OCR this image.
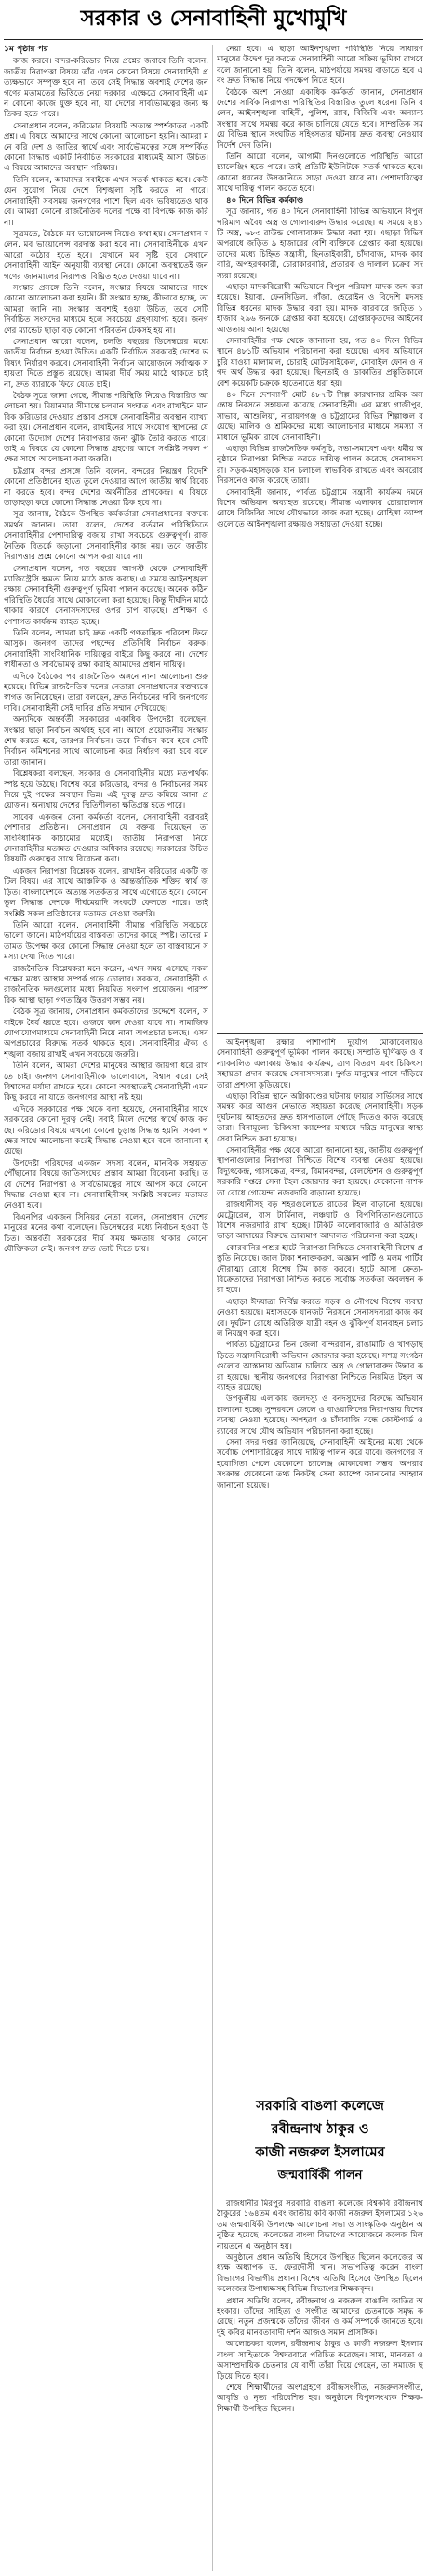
সরকার ও সেনাবাহিনী মুখোমুখি
১ম পৃষ্ঠার পর

কাজ করবে। বন্দর-করিডোর নিয়ে প্রশ্নের জবাবে তিনি বলেন, জাতীয় নিরাপত্তা বিষয়ে তাঁর এখন কোনো বিষয়ে সেনাবাহিনী প্রত্যক্ষভাবে সম্পৃক্ত হবে না। তবে সেই সিদ্ধান্ত অবশ্যই দেশের জনগণের মতামতের ভিত্তিতে নেয়া দরকার। এক্ষেত্রে সেনাবাহিনী এমন কোনো কাজে যুক্ত হবে না, যা দেশের সার্বভৌমত্বের জন্য ক্ষতিকর হতে পারে।

সেনাপ্রধান বলেন, করিডোর বিষয়টি অত্যন্ত স্পর্শকাতর একটি প্রশ্ন। এ বিষয়ে আমাদের সাথে কোনো আলোচনা হয়নি। আমরা মনে করি দেশ ও জাতির স্বার্থে এবং সার্বভৌমত্বের সঙ্গে সম্পর্কিত কোনো সিদ্ধান্ত একটি নির্বাচিত সরকারের মাধ্যমেই আসা উচিত। এ বিষয়ে আমাদের অবস্থান পরিষ্কার।

তিনি বলেন, আমাদের সবাইকে এখন সতর্ক থাকতে হবে। কেউ যেন সুযোগ নিয়ে দেশে বিশৃঙ্খলা সৃষ্টি করতে না পারে। সেনাবাহিনী সবসময় জনগণের পাশে ছিল এবং ভবিষ্যতেও থাকবে। আমরা কোনো রাজনৈতিক দলের পক্ষে বা বিপক্ষে কাজ করি না।

সূত্রমতে, বৈঠকে মব ভায়োলেন্স নিয়েও কথা হয়। সেনাপ্রধান বলেন, মব ভায়োলেন্স বরদাস্ত করা হবে না। সেনাবাহিনীকে এখন আরো কঠোর হতে হবে। যেখানে মব সৃষ্টি হবে সেখানে সেনাবাহিনী আইন অনুযায়ী ব্যবস্থা নেবে। কোনো অবস্থাতেই জনগণের জানমালের নিরাপত্তা বিঘ্নিত হতে দেওয়া যাবে না।

সংস্কার প্রসঙ্গে তিনি বলেন, সংস্কার বিষয়ে আমাদের সাথে কোনো আলোচনা করা হয়নি। কী সংস্কার হচ্ছে, কীভাবে হচ্ছে, তা আমরা জানি না। সংস্কার অবশ্যই হওয়া উচিত, তবে সেটি নির্বাচিত সংসদের মাধ্যমে হলে সবচেয়ে গ্রহণযোগ্য হবে। জনগণের ম্যান্ডেট ছাড়া বড় কোনো পরিবর্তন টেকসই হয় না।

সেনাপ্রধান আরো বলেন, চলতি বছরের ডিসেম্বরের মধ্যে জাতীয় নির্বাচন হওয়া উচিত। একটি নির্বাচিত সরকারই দেশের ভবিষ্যৎ নির্ধারণ করবে। সেনাবাহিনী নির্বাচন আয়োজনে সর্বাত্মক সহায়তা দিতে প্রস্তুত রয়েছে। আমরা দীর্ঘ সময় মাঠে থাকতে চাই না, দ্রুত ব্যারাকে ফিরে যেতে চাই।

বৈঠক সূত্রে জানা গেছে, সীমান্ত পরিস্থিতি নিয়েও বিস্তারিত আলোচনা হয়। মিয়ানমার সীমান্তে চলমান সংঘাত এবং রাখাইনে মানবিক করিডোর দেওয়ার প্রস্তাব প্রসঙ্গে সেনাবাহিনীর অবস্থান ব্যাখ্যা করা হয়। সেনাপ্রধান বলেন, রাখাইনের সাথে সংযোগ স্থাপনের যে কোনো উদ্যোগ দেশের নিরাপত্তার জন্য ঝুঁকি তৈরি করতে পারে। তাই এ বিষয়ে যে কোনো সিদ্ধান্ত গ্রহণের আগে সংশ্লিষ্ট সকল পক্ষের সাথে আলোচনা করা জরুরি।

চট্টগ্রাম বন্দর প্রসঙ্গে তিনি বলেন, বন্দরের নিয়ন্ত্রণ বিদেশি কোনো প্রতিষ্ঠানের হাতে তুলে দেওয়ার আগে জাতীয় স্বার্থ বিবেচনা করতে হবে। বন্দর দেশের অর্থনীতির প্রাণকেন্দ্র। এ বিষয়ে তাড়াহুড়া করে কোনো সিদ্ধান্ত নেওয়া ঠিক হবে না।

সূত্র জানায়, বৈঠকে উপস্থিত কর্মকর্তারা সেনাপ্রধানের বক্তব্যে সমর্থন জানান। তারা বলেন, দেশের বর্তমান পরিস্থিতিতে সেনাবাহিনীর পেশাদারিত্ব বজায় রাখা সবচেয়ে গুরুত্বপূর্ণ। রাজনৈতিক বিতর্কে জড়ানো সেনাবাহিনীর কাজ নয়। তবে জাতীয় নিরাপত্তার প্রশ্নে কোনো আপস করা যাবে না।

সেনাপ্রধান বলেন, গত বছরের আগস্ট থেকে সেনাবাহিনী ম্যাজিস্ট্রেসি ক্ষমতা নিয়ে মাঠে কাজ করছে। এ সময়ে আইনশৃঙ্খলা রক্ষায় সেনাবাহিনী গুরুত্বপূর্ণ ভূমিকা পালন করেছে। অনেক কঠিন পরিস্থিতি ধৈর্যের সাথে মোকাবেলা করা হয়েছে। কিন্তু দীর্ঘদিন মাঠে থাকার কারণে সেনাসদস্যদের ওপর চাপ বাড়ছে। প্রশিক্ষণ ও পেশাগত কার্যক্রম ব্যাহত হচ্ছে।

তিনি বলেন, আমরা চাই দ্রুত একটি গণতান্ত্রিক পরিবেশ ফিরে আসুক। জনগণ তাদের পছন্দের প্রতিনিধি নির্বাচন করুক। সেনাবাহিনী সাংবিধানিক দায়িত্বের বাইরে কিছু করবে না। দেশের স্বাধীনতা ও সার্বভৌমত্ব রক্ষা করাই আমাদের প্রধান দায়িত্ব।

এদিকে বৈঠকের পর রাজনৈতিক অঙ্গনে নানা আলোচনা শুরু হয়েছে। বিভিন্ন রাজনৈতিক দলের নেতারা সেনাপ্রধানের বক্তব্যকে স্বাগত জানিয়েছেন। তারা বলছেন, দ্রুত নির্বাচনের দাবি জনগণের দাবি। সেনাবাহিনী সেই দাবির প্রতি সম্মান দেখিয়েছে।

অন্যদিকে অন্তর্বর্তী সরকারের একাধিক উপদেষ্টা বলেছেন, সংস্কার ছাড়া নির্বাচন অর্থবহ হবে না। আগে প্রয়োজনীয় সংস্কার শেষ করতে হবে, তারপর নির্বাচন। তবে নির্বাচন কবে হবে সেটি নির্বাচন কমিশনের সাথে আলোচনা করে নির্ধারণ করা হবে বলে তারা জানান।

বিশ্লেষকরা বলছেন, সরকার ও সেনাবাহিনীর মধ্যে মতপার্থক্য স্পষ্ট হয়ে উঠছে। বিশেষ করে করিডোর, বন্দর ও নির্বাচনের সময় নিয়ে দুই পক্ষের অবস্থান ভিন্ন। এই দূরত্ব দ্রুত কমিয়ে আনা প্রয়োজন। অন্যথায় দেশের স্থিতিশীলতা ক্ষতিগ্রস্ত হতে পারে।

সাবেক একজন সেনা কর্মকর্তা বলেন, সেনাবাহিনী বরাবরই পেশাদার প্রতিষ্ঠান। সেনাপ্রধান যে বক্তব্য দিয়েছেন তা সাংবিধানিক কাঠামোর মধ্যেই। জাতীয় নিরাপত্তা নিয়ে সেনাবাহিনীর মতামত দেওয়ার অধিকার রয়েছে। সরকারের উচিত বিষয়টি গুরুত্বের সাথে বিবেচনা করা।

একজন নিরাপত্তা বিশ্লেষক বলেন, রাখাইন করিডোর একটি জটিল বিষয়। এর সাথে আঞ্চলিক ও আন্তর্জাতিক শক্তির স্বার্থ জড়িত। বাংলাদেশকে অত্যন্ত সতর্কতার সাথে এগোতে হবে। কোনো ভুল সিদ্ধান্ত দেশকে দীর্ঘমেয়াদি সংকটে ফেলতে পারে। তাই সংশ্লিষ্ট সকল প্রতিষ্ঠানের মতামত নেওয়া জরুরি।

তিনি আরো বলেন, সেনাবাহিনী সীমান্ত পরিস্থিতি সবচেয়ে ভালো জানে। মাঠপর্যায়ের বাস্তবতা তাদের কাছে স্পষ্ট। তাদের মতামত উপেক্ষা করে কোনো সিদ্ধান্ত নেওয়া হলে তা বাস্তবায়নে সমস্যা দেখা দিতে পারে।

রাজনৈতিক বিশ্লেষকরা মনে করেন, এখন সময় এসেছে সকল পক্ষের মধ্যে আস্থার সম্পর্ক গড়ে তোলার। সরকার, সেনাবাহিনী ও রাজনৈতিক দলগুলোর মধ্যে নিয়মিত সংলাপ প্রয়োজন। পারস্পরিক আস্থা ছাড়া গণতান্ত্রিক উত্তরণ সম্ভব নয়।

বৈঠক সূত্র জানায়, সেনাপ্রধান কর্মকর্তাদের উদ্দেশে বলেন, সবাইকে ধৈর্য ধরতে হবে। গুজবে কান দেওয়া যাবে না। সামাজিক যোগাযোগমাধ্যমে সেনাবাহিনী নিয়ে নানা অপপ্রচার চলছে। এসব অপপ্রচারের বিরুদ্ধে সতর্ক থাকতে হবে। সেনাবাহিনীর ঐক্য ও শৃঙ্খলা বজায় রাখাই এখন সবচেয়ে জরুরি।

তিনি বলেন, আমরা দেশের মানুষের আস্থার জায়গা ধরে রাখতে চাই। জনগণ সেনাবাহিনীকে ভালোবাসে, বিশ্বাস করে। সেই বিশ্বাসের মর্যাদা রাখতে হবে। কোনো অবস্থাতেই সেনাবাহিনী এমন কিছু করবে না যাতে জনগণের আস্থা নষ্ট হয়।

এদিকে সরকারের পক্ষ থেকে বলা হয়েছে, সেনাবাহিনীর সাথে সরকারের কোনো দূরত্ব নেই। সবাই মিলে দেশের স্বার্থে কাজ করছে। করিডোর বিষয়ে এখনো কোনো চূড়ান্ত সিদ্ধান্ত হয়নি। সকল পক্ষের সাথে আলোচনা করেই সিদ্ধান্ত নেওয়া হবে বলে জানানো হয়েছে।

উপদেষ্টা পরিষদের একজন সদস্য বলেন, মানবিক সহায়তা পৌঁছানোর বিষয়ে জাতিসংঘের প্রস্তাব আমরা বিবেচনা করছি। তবে দেশের নিরাপত্তা ও সার্বভৌমত্বের সাথে আপস করে কোনো সিদ্ধান্ত নেওয়া হবে না। সেনাবাহিনীসহ সংশ্লিষ্ট সকলের মতামত নেওয়া হবে।

বিএনপির একজন সিনিয়র নেতা বলেন, সেনাপ্রধান দেশের মানুষের মনের কথা বলেছেন। ডিসেম্বরের মধ্যে নির্বাচন হওয়া উচিত। অন্তর্বর্তী সরকারের দীর্ঘ সময় ক্ষমতায় থাকার কোনো যৌক্তিকতা নেই। জনগণ দ্রুত ভোট দিতে চায়।

নেয়া হবে। এ ছাড়া আইনশৃঙ্খলা পরিস্থিতি নিয়ে সাধারণ মানুষের উদ্বেগ দূর করতে সেনাবাহিনী আরো সক্রিয় ভূমিকা রাখবে বলে জানানো হয়। তিনি বলেন, মাঠপর্যায়ে সমন্বয় বাড়াতে হবে এবং দ্রুত সিদ্ধান্ত নিয়ে পদক্ষেপ নিতে হবে।

বৈঠকে অংশ নেওয়া একাধিক কর্মকর্তা জানান, সেনাপ্রধান দেশের সার্বিক নিরাপত্তা পরিস্থিতির বিস্তারিত তুলে ধরেন। তিনি বলেন, আইনশৃঙ্খলা বাহিনী, পুলিশ, র‍্যাব, বিজিবি এবং অন্যান্য সংস্থার সাথে সমন্বয় করে কাজ চালিয়ে যেতে হবে। সাম্প্রতিক সময়ে বিভিন্ন স্থানে সংঘটিত সহিংসতার ঘটনায় দ্রুত ব্যবস্থা নেওয়ার নির্দেশ দেন তিনি।

তিনি আরো বলেন, আগামী দিনগুলোতে পরিস্থিতি আরো চ্যালেঞ্জিং হতে পারে। তাই প্রতিটি ইউনিটকে সতর্ক থাকতে হবে। কোনো ধরনের উসকানিতে সাড়া দেওয়া যাবে না। পেশাদারিত্বের সাথে দায়িত্ব পালন করতে হবে।

৪০ দিনে বিভিন্ন কর্মকাণ্ড

সূত্র জানায়, গত ৪০ দিনে সেনাবাহিনী বিভিন্ন অভিযানে বিপুল পরিমাণ অবৈধ অস্ত্র ও গোলাবারুদ উদ্ধার করেছে। এ সময়ে ২৪১টি অস্ত্র, ৬৮৩ রাউন্ড গোলাবারুদ উদ্ধার করা হয়। এছাড়া বিভিন্ন অপরাধে জড়িত ৯ হাজারের বেশি ব্যক্তিকে গ্রেপ্তার করা হয়েছে। তাদের মধ্যে চিহ্নিত সন্ত্রাসী, ছিনতাইকারী, চাঁদাবাজ, মাদক কারবারি, অপহরণকারী, চোরাকারবারি, প্রতারক ও দালাল চক্রের সদস্যরা রয়েছে।

এছাড়া মাদকবিরোধী অভিযানে বিপুল পরিমাণ মাদক জব্দ করা হয়েছে। ইয়াবা, ফেনসিডিল, গাঁজা, হেরোইন ও বিদেশি মদসহ বিভিন্ন ধরনের মাদক উদ্ধার করা হয়। মাদক কারবারে জড়িত ১ হাজার ২৯৬ জনকে গ্রেপ্তার করা হয়েছে। গ্রেপ্তারকৃতদের আইনের আওতায় আনা হয়েছে।

সেনাবাহিনীর পক্ষ থেকে জানানো হয়, গত ৪০ দিনে বিভিন্ন স্থানে ৪৮১টি অভিযান পরিচালনা করা হয়েছে। এসব অভিযানে চুরি যাওয়া মালামাল, চোরাই মোটরসাইকেল, মোবাইল ফোন ও নগদ অর্থ উদ্ধার করা হয়েছে। ছিনতাই ও ডাকাতির প্রস্তুতিকালে বেশ কয়েকটি চক্রকে হাতেনাতে ধরা হয়।

৪০ দিনে দেশব্যাপী মোট ৪৮৭টি শিল্প কারখানার শ্রমিক অসন্তোষ নিরসনে সহায়তা করেছে সেনাবাহিনী। এর মধ্যে গাজীপুর, সাভার, আশুলিয়া, নারায়ণগঞ্জ ও চট্টগ্রামের বিভিন্ন শিল্পাঞ্চল রয়েছে। মালিক ও শ্রমিকদের মধ্যে আলোচনার মাধ্যমে সমস্যা সমাধানে ভূমিকা রাখে সেনাবাহিনী।

এছাড়া বিভিন্ন রাজনৈতিক কর্মসূচি, সভা-সমাবেশ এবং ধর্মীয় অনুষ্ঠানে নিরাপত্তা নিশ্চিত করতে দায়িত্ব পালন করেছে সেনাসদস্যরা। সড়ক-মহাসড়কে যান চলাচল স্বাভাবিক রাখতে এবং অবরোধ নিরসনেও কাজ করেছে তারা।

সেনাবাহিনী জানায়, পার্বত্য চট্টগ্রামে সন্ত্রাসী কার্যক্রম দমনে বিশেষ অভিযান অব্যাহত রয়েছে। সীমান্ত এলাকায় চোরাচালান রোধে বিজিবির সাথে যৌথভাবে কাজ করা হচ্ছে। রোহিঙ্গা ক্যাম্পগুলোতে আইনশৃঙ্খলা রক্ষায়ও সহায়তা দেওয়া হচ্ছে।

আইনশৃঙ্খলা রক্ষার পাশাপাশি দুর্যোগ মোকাবেলায়ও সেনাবাহিনী গুরুত্বপূর্ণ ভূমিকা পালন করছে। সম্প্রতি ঘূর্ণিঝড় ও বন্যাকবলিত এলাকায় উদ্ধার কার্যক্রম, ত্রাণ বিতরণ এবং চিকিৎসা সহায়তা প্রদান করেছে সেনাসদস্যরা। দুর্গত মানুষের পাশে দাঁড়িয়ে তারা প্রশংসা কুড়িয়েছে।

এছাড়া বিভিন্ন স্থানে অগ্নিকাণ্ডের ঘটনায় ফায়ার সার্ভিসের সাথে সমন্বয় করে আগুন নেভাতে সহায়তা করেছে সেনাবাহিনী। সড়ক দুর্ঘটনায় আহতদের দ্রুত হাসপাতালে পৌঁছে দিতেও কাজ করেছে তারা। বিনামূল্যে চিকিৎসা ক্যাম্পের মাধ্যমে দরিদ্র মানুষের স্বাস্থ্যসেবা নিশ্চিত করা হয়েছে।

সেনাবাহিনীর পক্ষ থেকে আরো জানানো হয়, জাতীয় গুরুত্বপূর্ণ স্থাপনাগুলোর নিরাপত্তা নিশ্চিতে বিশেষ ব্যবস্থা নেওয়া হয়েছে। বিদ্যুৎকেন্দ্র, গ্যাসক্ষেত্র, বন্দর, বিমানবন্দর, রেলস্টেশন ও গুরুত্বপূর্ণ সরকারি দপ্তরে সেনা টহল জোরদার করা হয়েছে। যেকোনো নাশকতা রোধে গোয়েন্দা নজরদারি বাড়ানো হয়েছে।

রাজধানীসহ বড় শহরগুলোতে রাতের টহল বাড়ানো হয়েছে। মেট্রোরেল, বাস টার্মিনাল, লঞ্চঘাট ও বিপণিবিতানগুলোতে বিশেষ নজরদারি রাখা হচ্ছে। টিকিট কালোবাজারি ও অতিরিক্ত ভাড়া আদায়ের বিরুদ্ধে ভ্রাম্যমাণ আদালত পরিচালনা করা হচ্ছে।

কোরবানির পশুর হাটে নিরাপত্তা নিশ্চিতে সেনাবাহিনী বিশেষ প্রস্তুতি নিয়েছে। জাল টাকা শনাক্তকরণ, অজ্ঞান পার্টি ও মলম পার্টির দৌরাত্ম্য রোধে বিশেষ টিম কাজ করবে। হাটে আসা ক্রেতা-বিক্রেতাদের নিরাপত্তা নিশ্চিত করতে সর্বোচ্চ সতর্কতা অবলম্বন করা হবে।

এছাড়া ঈদযাত্রা নির্বিঘ্ন করতে সড়ক ও নৌপথে বিশেষ ব্যবস্থা নেওয়া হয়েছে। মহাসড়কে যানজট নিরসনে সেনাসদস্যরা কাজ করবে। দুর্ঘটনা রোধে অতিরিক্ত যাত্রী বহন ও ঝুঁকিপূর্ণ যানবাহন চলাচল নিয়ন্ত্রণ করা হবে।

পার্বত্য চট্টগ্রামের তিন জেলা বান্দরবান, রাঙামাটি ও খাগড়াছড়িতে সন্ত্রাসবিরোধী অভিযান জোরদার করা হয়েছে। সশস্ত্র সংগঠনগুলোর আস্তানায় অভিযান চালিয়ে অস্ত্র ও গোলাবারুদ উদ্ধার করা হয়েছে। স্থানীয় জনগণের নিরাপত্তা নিশ্চিতে নিয়মিত টহল অব্যাহত রয়েছে।

উপকূলীয় এলাকায় জলদস্যু ও বনদস্যুদের বিরুদ্ধে অভিযান চালানো হচ্ছে। সুন্দরবনে জেলে ও বাওয়ালিদের নিরাপত্তায় বিশেষ ব্যবস্থা নেওয়া হয়েছে। অপহরণ ও চাঁদাবাজি বন্ধে কোস্টগার্ড ও র‍্যাবের সাথে যৌথ অভিযান পরিচালনা করা হচ্ছে।

সেনা সদর দপ্তর জানিয়েছে, সেনাবাহিনী আইনের মধ্যে থেকে সর্বোচ্চ পেশাদারিত্বের সাথে দায়িত্ব পালন করে যাবে। জনগণের সহযোগিতা পেলে যেকোনো চ্যালেঞ্জ মোকাবেলা সম্ভব। অপরাধ সংক্রান্ত যেকোনো তথ্য নিকটস্থ সেনা ক্যাম্পে জানানোর আহ্বান জানানো হয়েছে।

সরকারি বাঙলা কলেজে
রবীন্দ্রনাথ ঠাকুর ও
কাজী নজরুল ইসলামের
জন্মবার্ষিকী পালন

রাজধানীর মিরপুর সরকারি বাঙলা কলেজে বিশ্বকবি রবীন্দ্রনাথ ঠাকুরের ১৬৪তম এবং জাতীয় কবি কাজী নজরুল ইসলামের ১২৬তম জন্মবার্ষিকী উপলক্ষে আলোচনা সভা ও সাংস্কৃতিক অনুষ্ঠান অনুষ্ঠিত হয়েছে। কলেজের বাংলা বিভাগের আয়োজনে কলেজ মিলনায়তনে এ অনুষ্ঠান হয়।

অনুষ্ঠানে প্রধান অতিথি হিসেবে উপস্থিত ছিলেন কলেজের অধ্যক্ষ অধ্যাপক ড. ফেরদৌসী খান। সভাপতিত্ব করেন বাংলা বিভাগের বিভাগীয় প্রধান। বিশেষ অতিথি হিসেবে উপস্থিত ছিলেন কলেজের উপাধ্যক্ষসহ বিভিন্ন বিভাগের শিক্ষকবৃন্দ।

প্রধান অতিথি বলেন, রবীন্দ্রনাথ ও নজরুল বাঙালি জাতির অহংকার। তাঁদের সাহিত্য ও সংগীত আমাদের চেতনাকে সমৃদ্ধ করেছে। নতুন প্রজন্মকে তাঁদের জীবন ও কর্ম সম্পর্কে জানতে হবে। দুই কবির মানবতাবাদী দর্শন আজও সমান প্রাসঙ্গিক।

আলোচকরা বলেন, রবীন্দ্রনাথ ঠাকুর ও কাজী নজরুল ইসলাম বাংলা সাহিত্যকে বিশ্বদরবারে পরিচিত করেছেন। সাম্য, মানবতা ও অসাম্প্রদায়িক চেতনার যে বাণী তাঁরা দিয়ে গেছেন, তা সমাজে ছড়িয়ে দিতে হবে।

শেষে শিক্ষার্থীদের অংশগ্রহণে রবীন্দ্রসংগীত, নজরুলসংগীত, আবৃত্তি ও নৃত্য পরিবেশিত হয়। অনুষ্ঠানে বিপুলসংখ্যক শিক্ষক-শিক্ষার্থী উপস্থিত ছিলেন।
